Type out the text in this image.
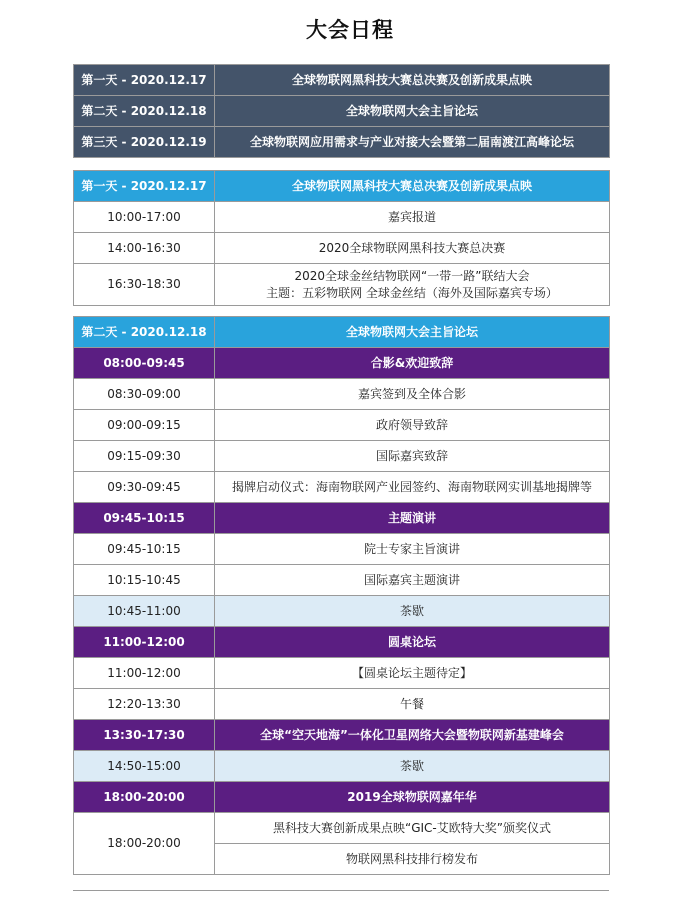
大会日程
第一天 - 2020.12.17	全球物联网黑科技大赛总决赛及创新成果点映
第二天 - 2020.12.18	全球物联网大会主旨论坛
第三天 - 2020.12.19	全球物联网应用需求与产业对接大会暨第二届南渡江高峰论坛
第一天 - 2020.12.17	全球物联网黑科技大赛总决赛及创新成果点映
10:00-17:00	嘉宾报道
14:00-16:30	2020全球物联网黑科技大赛总决赛
16:30-18:30	2020全球金丝结物联网“一带一路”联结大会
主题：五彩物联网 全球金丝结（海外及国际嘉宾专场）
第二天 - 2020.12.18	全球物联网大会主旨论坛
08:00-09:45	合影&欢迎致辞
08:30-09:00	嘉宾签到及全体合影
09:00-09:15	政府领导致辞
09:15-09:30	国际嘉宾致辞
09:30-09:45	揭牌启动仪式：海南物联网产业园签约、海南物联网实训基地揭牌等
09:45-10:15	主题演讲
09:45-10:15	院士专家主旨演讲
10:15-10:45	国际嘉宾主题演讲
10:45-11:00	茶歇
11:00-12:00	圆桌论坛
11:00-12:00	【圆桌论坛主题待定】
12:20-13:30	午餐
13:30-17:30	全球“空天地海”一体化卫星网络大会暨物联网新基建峰会
14:50-15:00	茶歇
18:00-20:00	2019全球物联网嘉年华
18:00-20:00	黑科技大赛创新成果点映“GIC-艾欧特大奖”颁奖仪式
	物联网黑科技排行榜发布
